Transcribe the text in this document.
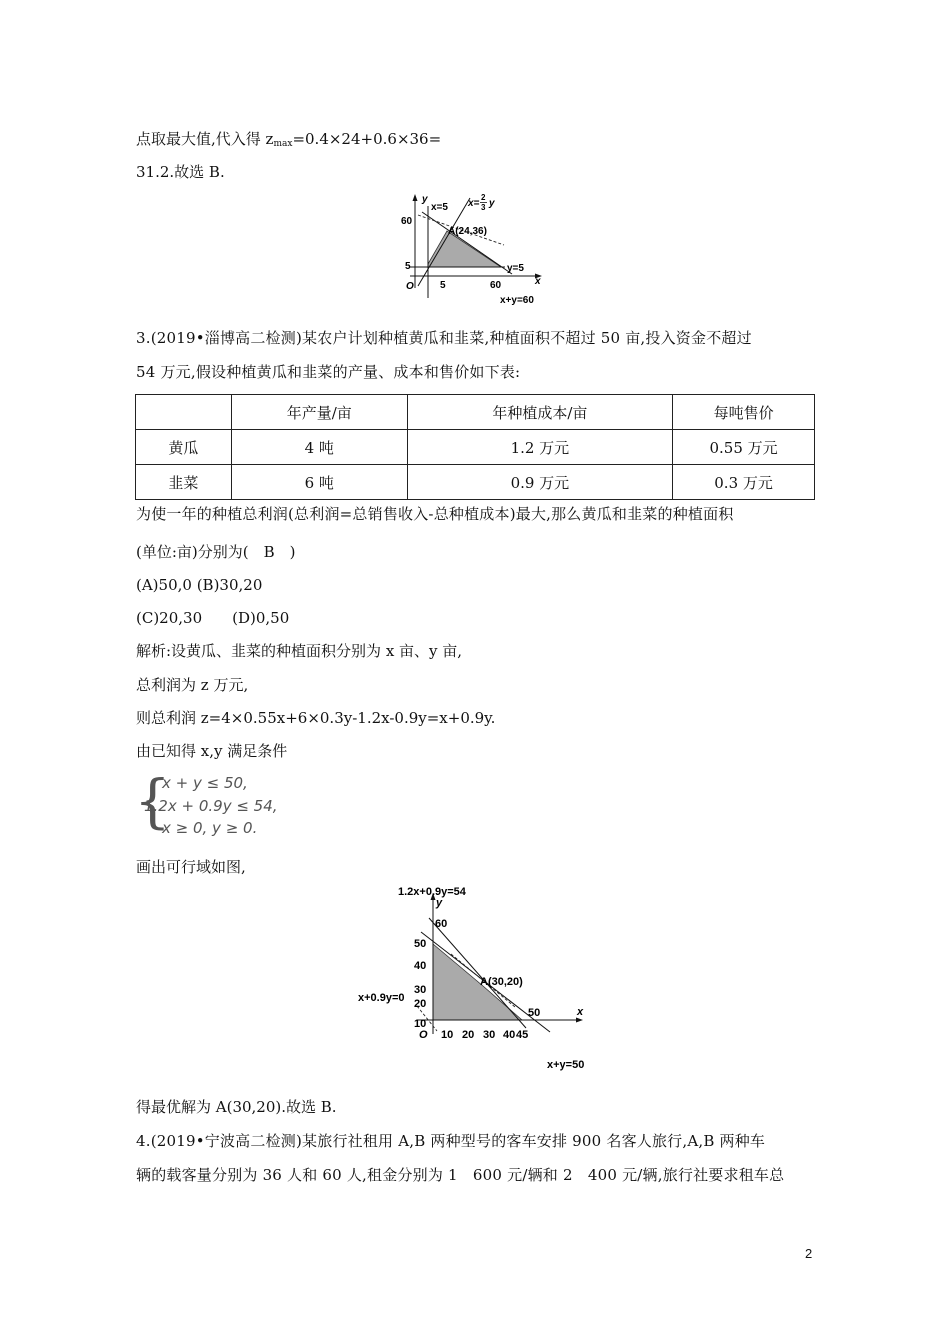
点取最大值,代入得 $z_{max}=0.4\times 24+0.6\times 36=$
31.2.故选 B.
y
x=5 x=
2
3 y
60
5
O	5	60
A(24,36)
y=5
x
x+y=60
3.(2019•淄博高二检测)某农户计划种植黄瓜和韭菜,种植面积不超过 50 亩,投入资金不超过
54 万元,假设种植黄瓜和韭菜的产量、成本和售价如下表:
	年产量/亩	年种植成本/亩	每吨售价
黄瓜	4 吨	1.2 万元	0.55 万元
韭菜	6 吨	0.9 万元	0.3 万元
为使一年的种植总利润(总利润=总销售收入-总种植成本)最大,那么黄瓜和韭菜的种植面积
(单位:亩)分别为(　B　)
(A)50,0 (B)30,20
(C)20,30　　(D)0,50
解析:设黄瓜、韭菜的种植面积分别为 x 亩、y 亩,
总利润为 z 万元,
则总利润 z=4×0.55x+6×0.3y-1.2x-0.9y=x+0.9y.
由已知得 x,y 满足条件
{
x + y ≤ 50,
1.2x + 0.9y ≤ 54,
x ≥ 0, y ≥ 0.
画出可行域如图,
1.2x+0.9y=54
y
60
50
40
30
20
10
O 10 20 30 40 45
50	x
A(30,20)
x+0.9y=0
x+y=50
得最优解为 A(30,20).故选 B.
4.(2019•宁波高二检测)某旅行社租用 A,B 两种型号的客车安排 900 名客人旅行,A,B 两种车
辆的载客量分别为 36 人和 60 人,租金分别为 1　600 元/辆和 2　400 元/辆,旅行社要求租车总
2
